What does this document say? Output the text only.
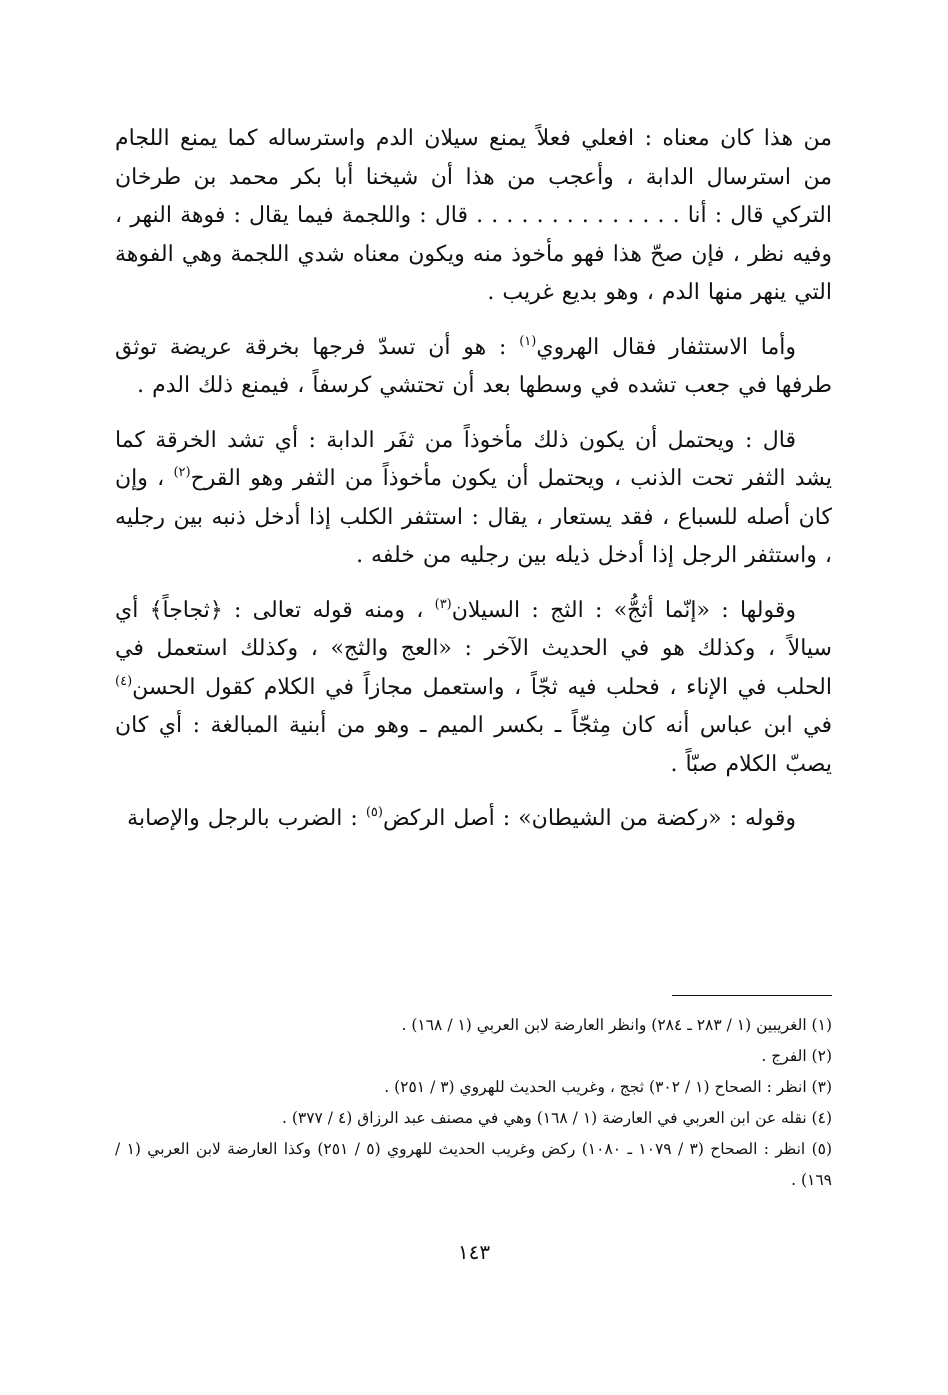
من هذا كان معناه : افعلي فعلاً يمنع سيلان الدم واسترساله كما يمنع اللجام من استرسال الدابة ، وأعجب من هذا أن شيخنا أبا بكر محمد بن طرخان التركي قال : أنا . . . . . . . . . . . . . . قال : واللجمة فيما يقال : فوهة النهر ، وفيه نظر ، فإن صحّ هذا فهو مأخوذ منه ويكون معناه شدي اللجمة وهي الفوهة التي ينهر منها الدم ، وهو بديع غريب .

وأما الاستثفار فقال الهروي$^{(١)}$ : هو أن تسدّ فرجها بخرقة عريضة توثق طرفها في جعب تشده في وسطها بعد أن تحتشي كرسفاً ، فيمنع ذلك الدم .

قال : ويحتمل أن يكون ذلك مأخوذاً من ثفَر الدابة : أي تشد الخرقة كما يشد الثفر تحت الذنب ، ويحتمل أن يكون مأخوذاً من الثفر وهو القرح$^{(٢)}$ ، وإن كان أصله للسباع ، فقد يستعار ، يقال : استثفر الكلب إذا أدخل ذنبه بين رجليه ، واستثفر الرجل إذا أدخل ذيله بين رجليه من خلفه .

وقولها : «إنّما أثجُّ» : الثج : السيلان$^{(٣)}$ ، ومنه قوله تعالى : ﴿ثجاجاً﴾ أي سيالاً ، وكذلك هو في الحديث الآخر : «العج والثج» ، وكذلك استعمل في الحلب في الإناء ، فحلب فيه ثجّاً ، واستعمل مجازاً في الكلام كقول الحسن$^{(٤)}$ في ابن عباس أنه كان مِثجّاً ـ بكسر الميم ـ وهو من أبنية المبالغة : أي كان يصبّ الكلام صبّاً .

وقوله : «ركضة من الشيطان» : أصل الركض$^{(٥)}$ : الضرب بالرجل والإصابة

(١) الغريبين (١ / ٢٨٣ ـ ٢٨٤) وانظر العارضة لابن العربي (١ / ١٦٨) .
(٢) الفرج .
(٣) انظر : الصحاح (١ / ٣٠٢) ثجج ، وغريب الحديث للهروي (٣ / ٢٥١) .
(٤) نقله عن ابن العربي في العارضة (١ / ١٦٨) وهي في مصنف عبد الرزاق (٤ / ٣٧٧) .
(٥) انظر : الصحاح (٣ / ١٠٧٩ ـ ١٠٨٠) ركض وغريب الحديث للهروي (٥ / ٢٥١) وكذا العارضة لابن العربي (١ / ١٦٩) .
١٤٣
